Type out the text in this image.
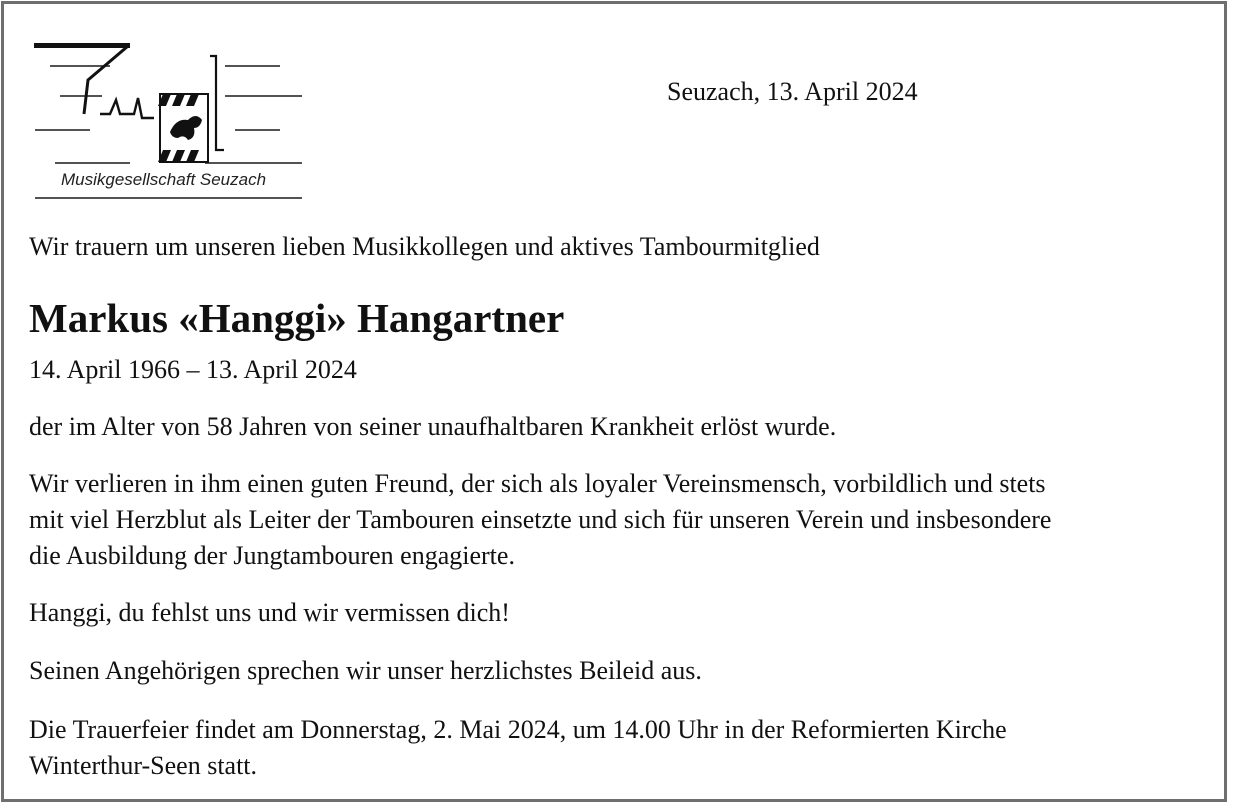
Musikgesellschaft Seuzach
Seuzach, 13. April 2024
Wir trauern um unseren lieben Musikkollegen und aktives Tambourmitglied
Markus «Hanggi» Hangartner
14. April 1966 – 13. April 2024
der im Alter von 58 Jahren von seiner unaufhaltbaren Krankheit erlöst wurde.
Wir verlieren in ihm einen guten Freund, der sich als loyaler Vereinsmensch, vorbildlich und stets
mit viel Herzblut als Leiter der Tambouren einsetzte und sich für unseren Verein und insbesondere
die Ausbildung der Jungtambouren engagierte.
Hanggi, du fehlst uns und wir vermissen dich!
Seinen Angehörigen sprechen wir unser herzlichstes Beileid aus.
Die Trauerfeier findet am Donnerstag, 2. Mai 2024, um 14.00 Uhr in der Reformierten Kirche
Winterthur-Seen statt.
